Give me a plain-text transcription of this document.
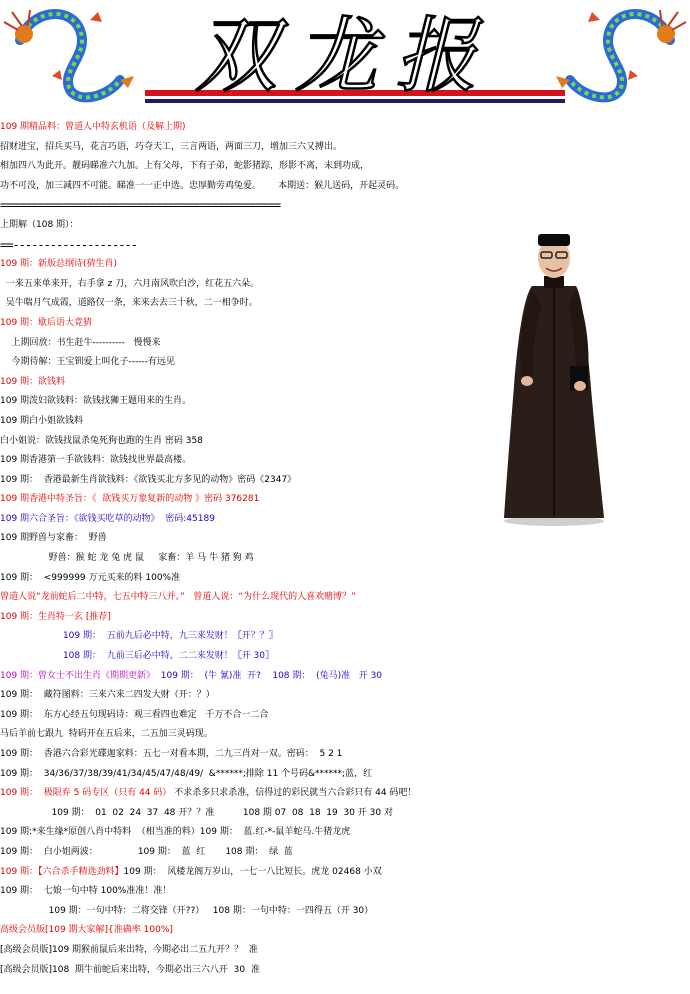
双龙报
109 期精品料：曾道人中特玄机语（及解上期)
招财进宝，招兵买马，花言巧语，巧夺天工，三言两语，两面三刀，增加三六又搏出。
相加四八为此开。靓码睇准六九加。上有父母，下有子弟，蛇影猪踪，形影不离，未到功成，
功不可没，加三减四不可能。睇准一一正中选。忠厚勤劳鸡兔爱。      本期送：猴儿送码，开起灵码。
=============================================
上期解（108 期）：
==--------------------
109 期：新版总纲诗(猜生肖)
一来五来单来开，右手拿 z 刀，六月南风吹白沙，红花五六朵。
吴牛喘月气成霞，道路仅一条，来来去去三十秋，二一相争时。
109 期：歇后语大竟猜
上期回放：书生赶牛----------   慢慢来
今期待解：王宝钏爱上叫化子------有远见
109 期：欲钱料
109 期泼妇欲钱料：欲钱找狮王题用来的生肖。
109 期白小姐欲钱料
白小姐说：欲钱找鼠杀兔死狗也跑的生肖 密码 358
109 期香港第一手欲钱料：欲钱找世界最高楼。
109 期：  香港最新生肖欲钱料：《欲钱买北方多见的动物》密码《2347》
109 期香港中特圣旨：《  欲钱买万象复新的动物 》密码 376281
109 期六合圣旨：《欲钱买吃草的动物》  密码:45189
109 期野兽与家畜：  野兽
野兽：猴 蛇 龙 兔 虎 鼠     家畜：羊 马 牛 猪 狗 鸡
109 期：  <999999 万元买来的料 100%准
曾道人说“龙前蛇后二中特，七五中特三八并。”   曾道人说：“为什么现代的人喜欢赌博？”
109 期：生肖特一玄 [推荐]
109 期：  五前九后必中特，九三来发财！〖开？？〗
108 期：  九前三后必中特，二二来发财！〖开 30〗
109 期：曾女士不出生肖《期期更新》  109 期：  (牛 氰)准  开?    108 期：  (兔马)准   开 30
109 期：  藏符图料：三来六来二四发大财（开：？）
109 期：  东方心经五句现码诗：观三看四也难定   千万不合一二合
马后羊前七跟九  特码开在五后来，二五加三灵码现。
109 期：  香港六合彩光碟迦家料：五七一对看本期，二九三肖对一双。密码：  5 2 1
109 期：  34/36/37/38/39/41/34/45/47/48/49/  &******;排除 11 个号码&******;蓝，红
109 期：  极限弃 5 码专区（只有 44 码） 不求杀多只求杀准，信得过的彩民就当六合彩只有 44 码吧！
109 期：  01  02  24  37  48 开？？准          108 期 07  08  18  19  30 开 30 对
109 期:*来生缘*原创八肖中特料  （相当准的料）109 期：  蓝.红-*-鼠羊蛇马.牛猪龙虎
109 期：  白小姐两波：              109 期：  蓝  红       108 期：  绿  蓝
109 期：【六合杀手精选劲料】109 期：  风楼龙阁万岁山，一七一八比短长。虎龙 02468 小双
109 期：  七娘一句中特 100%准准！准！
109 期：一句中特：二将交锋（开??）   108 期：一句中特：一四得五（开 30）
高级会员版[109 期大家解]{准确率 100%]
[高级会员版]109 期猴前鼠后来出特，今期必出二五九开？？  准
[高级会员版]108  期牛前蛇后来出特，今期必出三六八开  30  准
